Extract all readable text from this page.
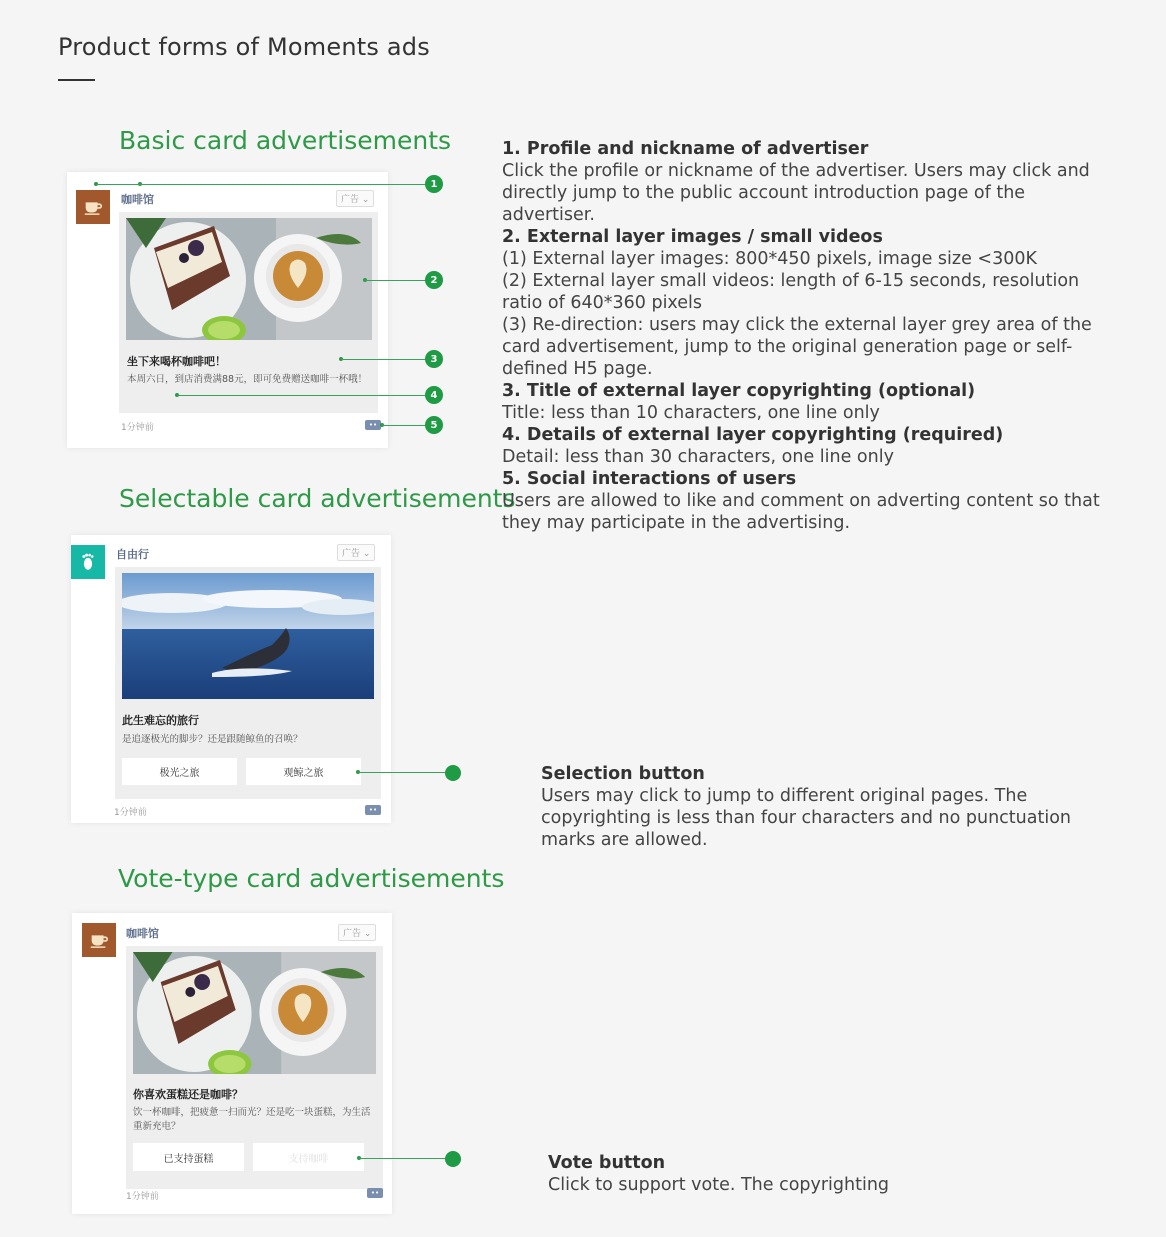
Product forms of Moments ads
Basic card advertisements
Selectable card advertisements
Vote-type card advertisements
咖啡馆	广告 ⌄
坐下来喝杯咖啡吧！
本周六日，到店消费满88元，即可免费赠送咖啡一杯哦！
1分钟前	••
1
2
3
4
5

1. Profile and nickname of advertiser

Click the profile or nickname of the advertiser. Users may click and directly jump to the public account introduction page of the advertiser.

2. External layer images / small videos

(1) External layer images: 800*450 pixels, image size <300K

(2) External layer small videos: length of 6-15 seconds, resolution ratio of 640*360 pixels

(3) Re-direction: users may click the external layer grey area of the card advertisement, jump to the original generation page or self-defined H5 page.

3. Title of external layer copyrighting (optional)

Title: less than 10 characters, one line only

4. Details of external layer copyrighting (required)

Detail: less than 30 characters, one line only

5. Social interactions of users

Users are allowed to like and comment on adverting content so that they may participate in the advertising.

自由行	广告 ⌄
此生难忘的旅行
是追逐极光的脚步？还是跟随鲸鱼的召唤？
极光之旅	观鲸之旅
1分钟前	••

Selection button

Users may click to jump to different original pages. The copyrighting is less than four characters and no punctuation marks are allowed.

咖啡馆	广告 ⌄
你喜欢蛋糕还是咖啡？
饮一杯咖啡，把疲惫一扫而光？还是吃一块蛋糕，为生活重新充电？
已支持蛋糕	支持咖啡
1分钟前	••

Vote button

Click to support vote. The copyrighting
